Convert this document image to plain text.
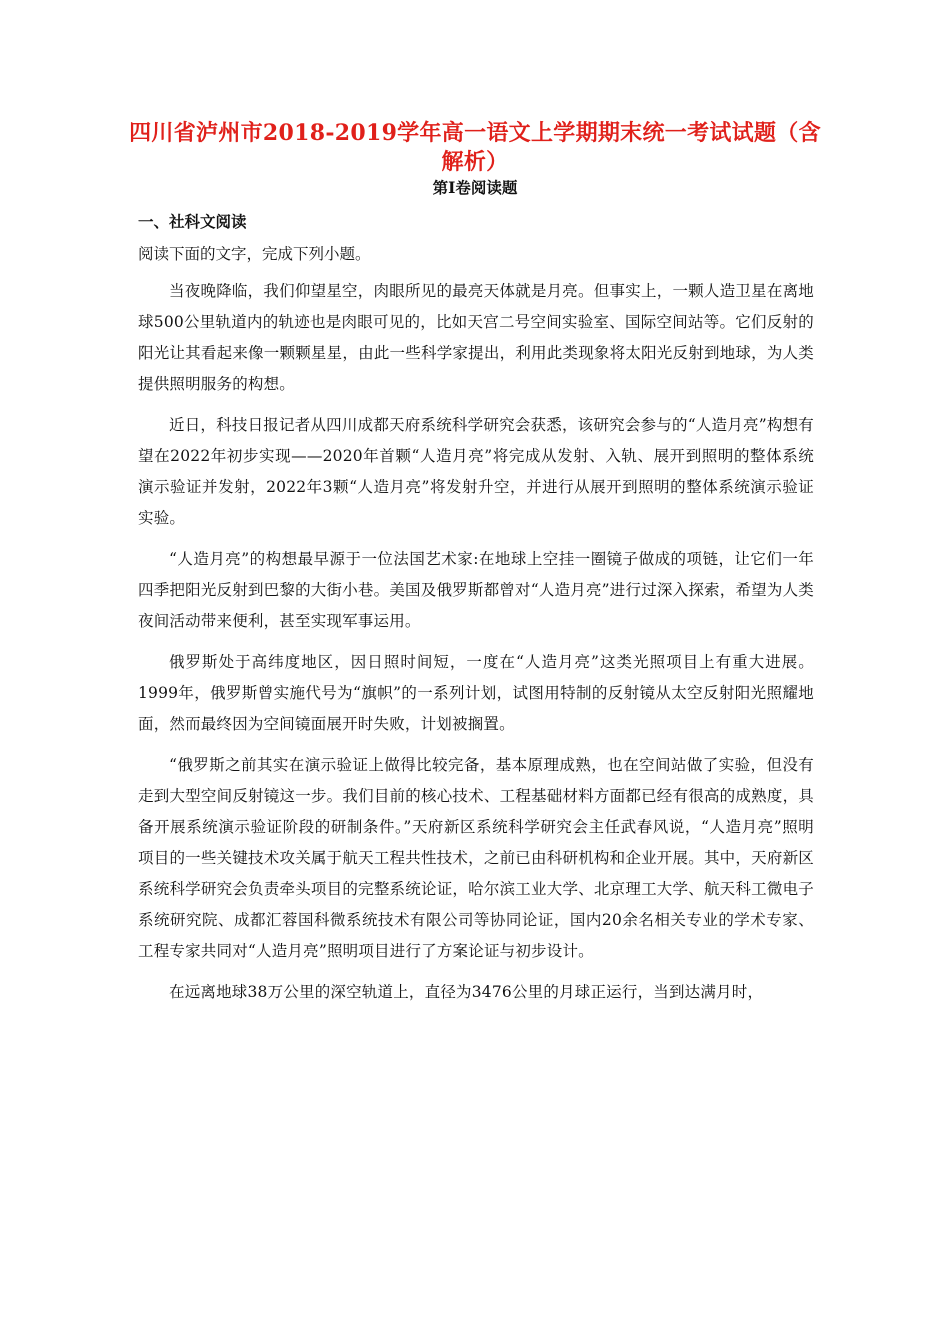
四川省泸州市2018-2019学年高一语文上学期期末统一考试试题（含解析）
第Ⅰ卷阅读题
一、社科文阅读
阅读下面的文字，完成下列小题。

当夜晚降临，我们仰望星空，肉眼所见的最亮天体就是月亮。但事实上，一颗人造卫星在离地球500公里轨道内的轨迹也是肉眼可见的，比如天宫二号空间实验室、国际空间站等。它们反射的阳光让其看起来像一颗颗星星，由此一些科学家提出，利用此类现象将太阳光反射到地球，为人类提供照明服务的构想。

近日，科技日报记者从四川成都天府系统科学研究会获悉，该研究会参与的“人造月亮”构想有望在2022年初步实现——2020年首颗“人造月亮”将完成从发射、入轨、展开到照明的整体系统演示验证并发射，2022年3颗“人造月亮”将发射升空，并进行从展开到照明的整体系统演示验证实验。

“人造月亮”的构想最早源于一位法国艺术家:在地球上空挂一圈镜子做成的项链，让它们一年四季把阳光反射到巴黎的大街小巷。美国及俄罗斯都曾对“人造月亮”进行过深入探索，希望为人类夜间活动带来便利，甚至实现军事运用。

俄罗斯处于高纬度地区，因日照时间短，一度在“人造月亮”这类光照项目上有重大进展。1999年，俄罗斯曾实施代号为“旗帜”的一系列计划，试图用特制的反射镜从太空反射阳光照耀地面，然而最终因为空间镜面展开时失败，计划被搁置。

“俄罗斯之前其实在演示验证上做得比较完备，基本原理成熟，也在空间站做了实验，但没有走到大型空间反射镜这一步。我们目前的核心技术、工程基础材料方面都已经有很高的成熟度，具备开展系统演示验证阶段的研制条件。”天府新区系统科学研究会主任武春风说，“人造月亮”照明项目的一些关键技术攻关属于航天工程共性技术，之前已由科研机构和企业开展。其中，天府新区系统科学研究会负责牵头项目的完整系统论证，哈尔滨工业大学、北京理工大学、航天科工微电子系统研究院、成都汇蓉国科微系统技术有限公司等协同论证，国内20余名相关专业的学术专家、工程专家共同对“人造月亮”照明项目进行了方案论证与初步设计。

在远离地球38万公里的深空轨道上，直径为3476公里的月球正运行，当到达满月时，
